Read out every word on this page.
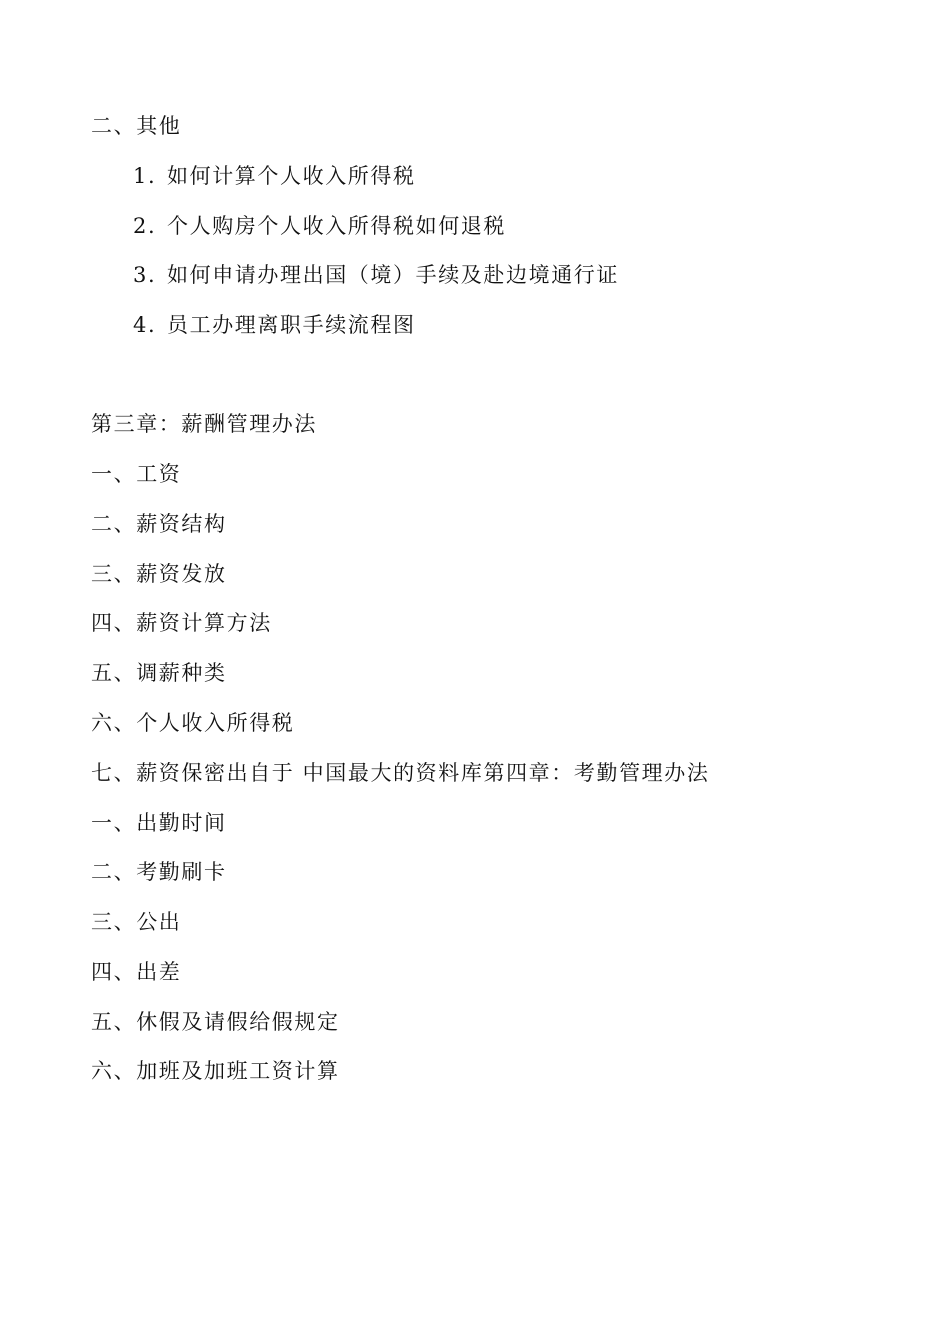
二、其他
1. 如何计算个人收入所得税
2. 个人购房个人收入所得税如何退税
3. 如何申请办理出国（境）手续及赴边境通行证
4. 员工办理离职手续流程图
第三章：薪酬管理办法
一、工资
二、薪资结构
三、薪资发放
四、薪资计算方法
五、调薪种类
六、个人收入所得税
七、薪资保密出自于 中国最大的资料库第四章：考勤管理办法
一、出勤时间
二、考勤刷卡
三、公出
四、出差
五、休假及请假给假规定
六、加班及加班工资计算
